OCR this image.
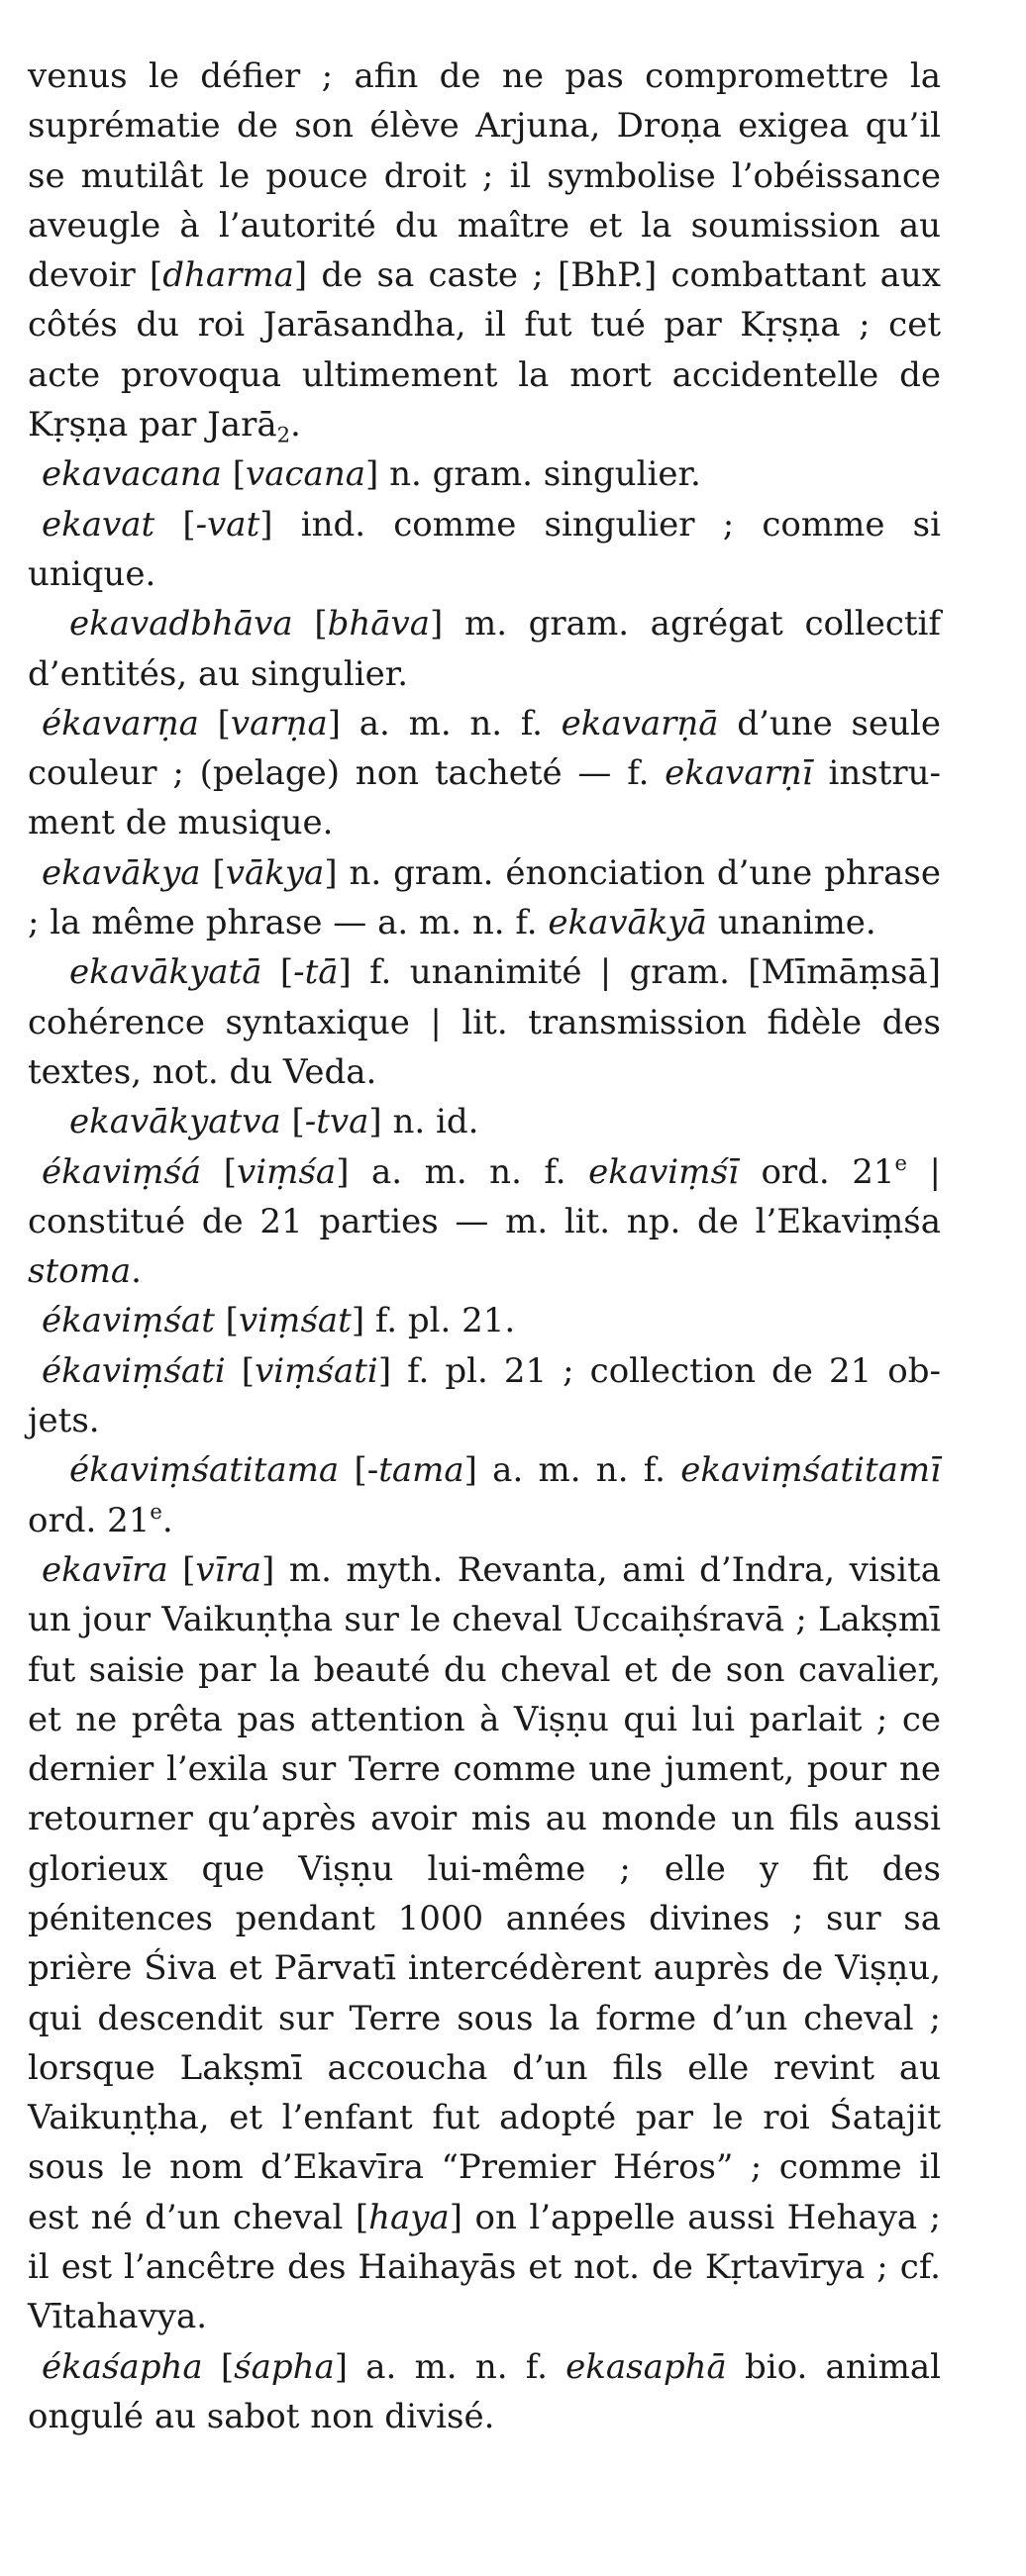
venus le défier ; afin de ne pas compromettre la suprématie de son élève Arjuna, Droṇa exigea qu’il se mutilât le pouce droit ; il symbolise l’obéissance aveugle à l’autorité du maître et la soumission au devoir [dharma] de sa caste ; [BhP.] combattant aux côtés du roi Jarāsandha, il fut tué par Kṛṣṇa ; cet acte provoqua ultimement la mort accidentelle de Kṛṣṇa par Jarā2.

ekavacana [vacana] n. gram. singulier.

ekavat [-vat] ind. comme singulier ; comme si unique.

ekavadbhāva [bhāva] m. gram. agrégat collectif d’entités, au singulier.

ékavarṇa [varṇa] a. m. n. f. ekavarṇā d’une seule couleur ; (pelage) non tacheté — f. ekavarṇī instrument de musique.

ekavākya [vākya] n. gram. énonciation d’une phrase ; la même phrase — a. m. n. f. ekavākyā unanime.

ekavākyatā [-tā] f. unanimité | gram. [Mīmāṃsā] cohérence syntaxique | lit. transmission fidèle des textes, not. du Veda.

ekavākyatva [-tva] n. id.

ékaviṃśá [viṃśa] a. m. n. f. ekaviṃśī ord. 21e | constitué de 21 parties — m. lit. np. de l’Ekaviṃśa stoma.

ékaviṃśat [viṃśat] f. pl. 21.

ékaviṃśati [viṃśati] f. pl. 21 ; collection de 21 objets.

ékaviṃśatitama [-tama] a. m. n. f. ekaviṃśatitamī ord. 21e.

ekavīra [vīra] m. myth. Revanta, ami d’Indra, visita un jour Vaikuṇṭha sur le cheval Uccaiḥśravā ; Lakṣmī fut saisie par la beauté du cheval et de son cavalier, et ne prêta pas attention à Viṣṇu qui lui parlait ; ce dernier l’exila sur Terre comme une jument, pour ne retourner qu’après avoir mis au monde un fils aussi glorieux que Viṣṇu lui-même ; elle y fit des pénitences pendant 1000 années divines ; sur sa prière Śiva et Pārvatī intercédèrent auprès de Viṣṇu, qui descendit sur Terre sous la forme d’un cheval ; lorsque Lakṣmī accoucha d’un fils elle revint au Vaikuṇṭha, et l’enfant fut adopté par le roi Śatajit sous le nom d’Ekavīra “Premier Héros” ; comme il est né d’un cheval [haya] on l’appelle aussi Hehaya ; il est l’ancêtre des Haihayās et not. de Kṛtavīrya ; cf. Vītahavya.

ékaśapha [śapha] a. m. n. f. ekasaphā bio. animal ongulé au sabot non divisé.
